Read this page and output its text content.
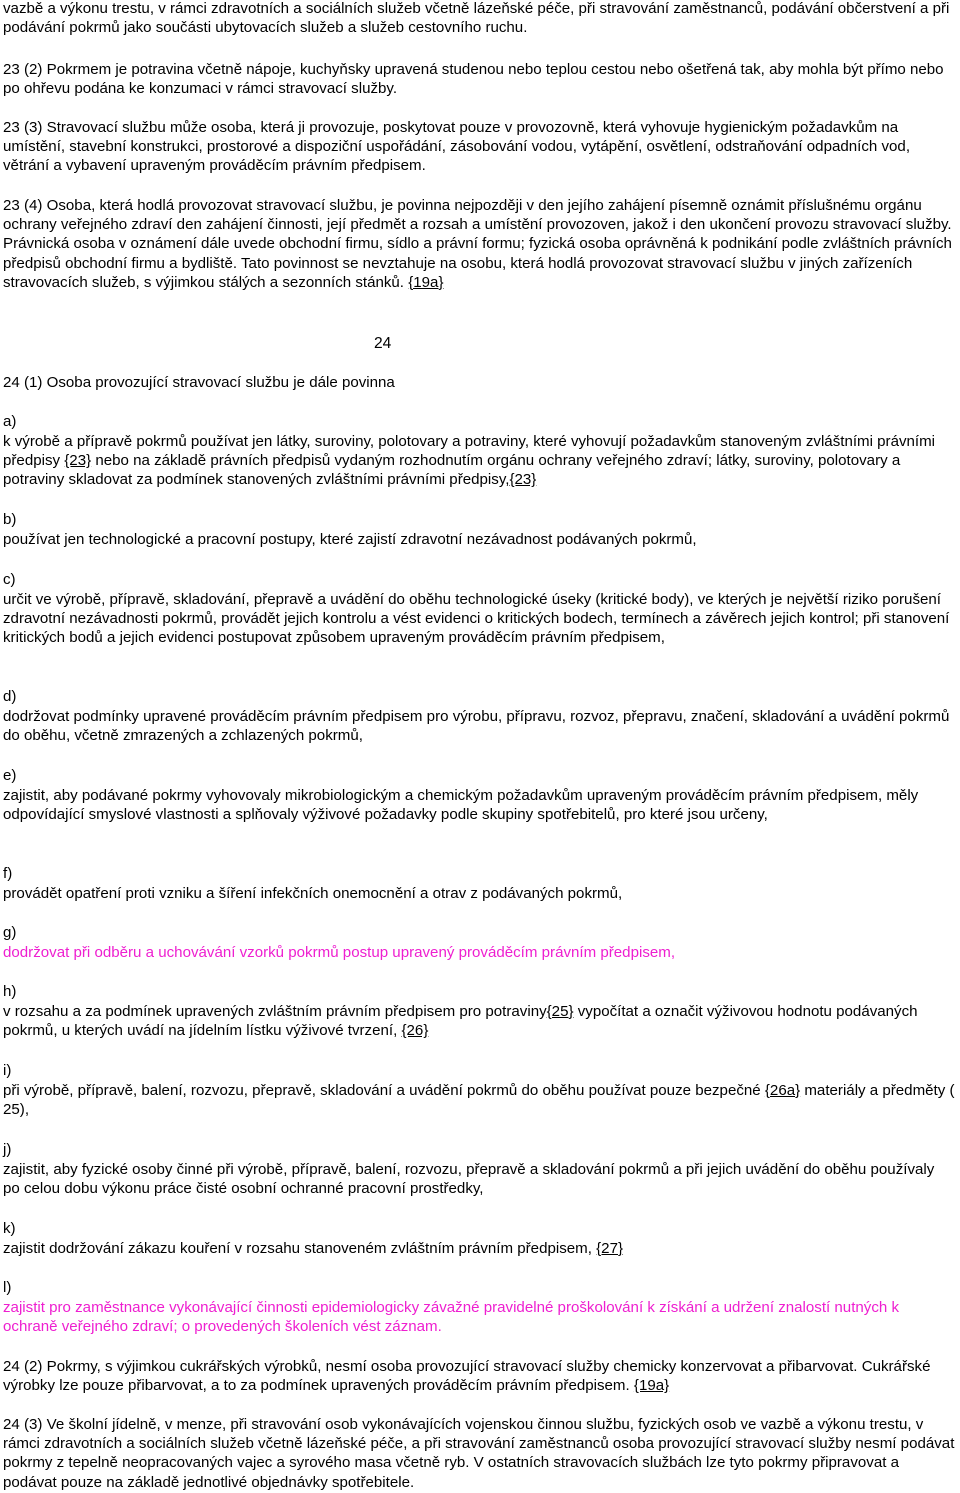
vazbě a výkonu trestu, v rámci zdravotních a sociálních služeb včetně lázeňské péče, při stravování zaměstnanců, podávání občerstvení a při podávání pokrmů jako součásti ubytovacích služeb a služeb cestovního ruchu.

23 (2) Pokrmem je potravina včetně nápoje, kuchyňsky upravená studenou nebo teplou cestou nebo ošetřená tak, aby mohla být přímo nebo po ohřevu podána ke konzumaci v rámci stravovací služby.

23 (3) Stravovací službu může osoba, která ji provozuje, poskytovat pouze v provozovně, která vyhovuje hygienickým požadavkům na umístění, stavební konstrukci, prostorové a dispoziční uspořádání, zásobování vodou, vytápění, osvětlení, odstraňování odpadních vod, větrání a vybavení upraveným prováděcím právním předpisem.

23 (4) Osoba, která hodlá provozovat stravovací službu, je povinna nejpozději v den jejího zahájení písemně oznámit příslušnému orgánu ochrany veřejného zdraví den zahájení činnosti, její předmět a rozsah a umístění provozoven, jakož i den ukončení provozu stravovací služby. Právnická osoba v oznámení dále uvede obchodní firmu, sídlo a právní formu; fyzická osoba oprávněná k podnikání podle zvláštních právních předpisů obchodní firmu a bydliště. Tato povinnost se nevztahuje na osobu, která hodlá provozovat stravovací službu v jiných zařízeních stravovacích služeb, s výjimkou stálých a sezonních stánků. {19a}

24

24 (1) Osoba provozující stravovací službu je dále povinna

a)

k výrobě a přípravě pokrmů používat jen látky, suroviny, polotovary a potraviny, které vyhovují požadavkům stanoveným zvláštními právními předpisy {23} nebo na základě právních předpisů vydaným rozhodnutím orgánu ochrany veřejného zdraví; látky, suroviny, polotovary a potraviny skladovat za podmínek stanovených zvláštními právními předpisy,{23}

b)

používat jen technologické a pracovní postupy, které zajistí zdravotní nezávadnost podávaných pokrmů,

c)

určit ve výrobě, přípravě, skladování, přepravě a uvádění do oběhu technologické úseky (kritické body), ve kterých je největší riziko porušení zdravotní nezávadnosti pokrmů, provádět jejich kontrolu a vést evidenci o kritických bodech, termínech a závěrech jejich kontrol; při stanovení kritických bodů a jejich evidenci postupovat způsobem upraveným prováděcím právním předpisem,

d)

dodržovat podmínky upravené prováděcím právním předpisem pro výrobu, přípravu, rozvoz, přepravu, značení, skladování a uvádění pokrmů do oběhu, včetně zmrazených a zchlazených pokrmů,

e)

zajistit, aby podávané pokrmy vyhovovaly mikrobiologickým a chemickým požadavkům upraveným prováděcím právním předpisem, měly odpovídající smyslové vlastnosti a splňovaly výživové požadavky podle skupiny spotřebitelů, pro které jsou určeny,

f)

provádět opatření proti vzniku a šíření infekčních onemocnění a otrav z podávaných pokrmů,

g)

dodržovat při odběru a uchovávání vzorků pokrmů postup upravený prováděcím právním předpisem,

h)

v rozsahu a za podmínek upravených zvláštním právním předpisem pro potraviny{25} vypočítat a označit výživovou hodnotu podávaných pokrmů, u kterých uvádí na jídelním lístku výživové tvrzení, {26}

i)

při výrobě, přípravě, balení, rozvozu, přepravě, skladování a uvádění pokrmů do oběhu používat pouze bezpečné {26a} materiály a předměty ( 25),

j)

zajistit, aby fyzické osoby činné při výrobě, přípravě, balení, rozvozu, přepravě a skladování pokrmů a při jejich uvádění do oběhu používaly po celou dobu výkonu práce čisté osobní ochranné pracovní prostředky,

k)

zajistit dodržování zákazu kouření v rozsahu stanoveném zvláštním právním předpisem, {27}

l)

zajistit pro zaměstnance vykonávající činnosti epidemiologicky závažné pravidelné proškolování k získání a udržení znalostí nutných k ochraně veřejného zdraví; o provedených školeních vést záznam.

24 (2) Pokrmy, s výjimkou cukrářských výrobků, nesmí osoba provozující stravovací služby chemicky konzervovat a přibarvovat. Cukrářské výrobky lze pouze přibarvovat, a to za podmínek upravených prováděcím právním předpisem. {19a}

24 (3) Ve školní jídelně, v menze, při stravování osob vykonávajících vojenskou činnou službu, fyzických osob ve vazbě a výkonu trestu, v rámci zdravotních a sociálních služeb včetně lázeňské péče, a při stravování zaměstnanců osoba provozující stravovací služby nesmí podávat pokrmy z tepelně neopracovaných vajec a syrového masa včetně ryb. V ostatních stravovacích službách lze tyto pokrmy připravovat a podávat pouze na základě jednotlivé objednávky spotřebitele.
